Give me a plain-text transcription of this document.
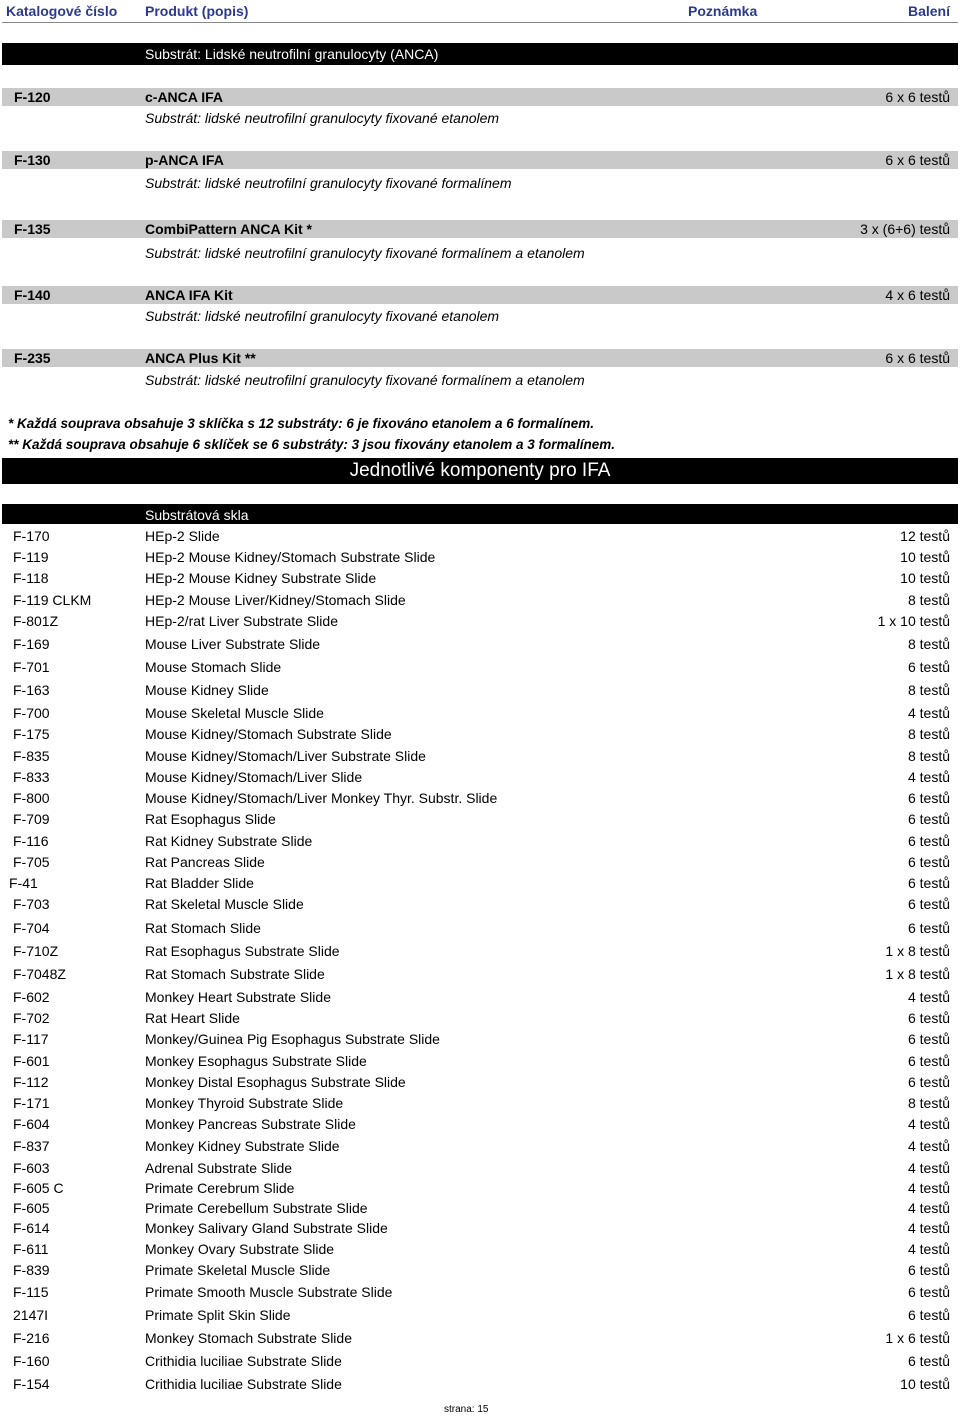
Katalogové číslo Produkt (popis)	Poznámka	Balení
Substrát: Lidské neutrofilní granulocyty (ANCA)
F-120	c-ANCA IFA	6 x 6 testů
Substrát: lidské neutrofilní granulocyty fixované etanolem
F-130	p-ANCA IFA	6 x 6 testů
Substrát: lidské neutrofilní granulocyty fixované formalínem
F-135	CombiPattern ANCA Kit *	3 x (6+6) testů
Substrát: lidské neutrofilní granulocyty fixované formalínem a etanolem
F-140	ANCA IFA Kit	4 x 6 testů
Substrát: lidské neutrofilní granulocyty fixované etanolem
F-235	ANCA Plus Kit **	6 x 6 testů
Substrát: lidské neutrofilní granulocyty fixované formalínem a etanolem
* Každá souprava obsahuje 3 sklíčka s 12 substráty: 6 je fixováno etanolem a 6 formalínem.
** Každá souprava obsahuje 6 sklíček se 6 substráty: 3 jsou fixovány etanolem a 3 formalínem.
Jednotlivé komponenty pro IFA
Substrátová skla
F-170	HEp-2 Slide	12 testů
F-119	HEp-2 Mouse Kidney/Stomach Substrate Slide	10 testů
F-118	HEp-2 Mouse Kidney Substrate Slide	10 testů
F-119 CLKM	HEp-2 Mouse Liver/Kidney/Stomach Slide	8 testů
F-801Z	HEp-2/rat Liver Substrate Slide	1 x 10 testů
F-169	Mouse Liver Substrate Slide	8 testů
F-701	Mouse Stomach Slide	6 testů
F-163	Mouse Kidney Slide	8 testů
F-700	Mouse Skeletal Muscle Slide	4 testů
F-175	Mouse Kidney/Stomach Substrate Slide	8 testů
F-835	Mouse Kidney/Stomach/Liver Substrate Slide	8 testů
F-833	Mouse Kidney/Stomach/Liver Slide	4 testů
F-800	Mouse Kidney/Stomach/Liver Monkey Thyr. Substr. Slide	6 testů
F-709	Rat Esophagus Slide	6 testů
F-116	Rat Kidney Substrate Slide	6 testů
F-705	Rat Pancreas Slide	6 testů
F-41	Rat Bladder Slide	6 testů
F-703	Rat Skeletal Muscle Slide	6 testů
F-704	Rat Stomach Slide	6 testů
F-710Z	Rat Esophagus Substrate Slide	1 x 8 testů
F-7048Z	Rat Stomach Substrate Slide	1 x 8 testů
F-602	Monkey Heart Substrate Slide	4 testů
F-702	Rat Heart Slide	6 testů
F-117	Monkey/Guinea Pig Esophagus Substrate Slide	6 testů
F-601	Monkey Esophagus Substrate Slide	6 testů
F-112	Monkey Distal Esophagus Substrate Slide	6 testů
F-171	Monkey Thyroid Substrate Slide	8 testů
F-604	Monkey Pancreas Substrate Slide	4 testů
F-837	Monkey Kidney Substrate Slide	4 testů
F-603	Adrenal Substrate Slide	4 testů
F-605 C	Primate Cerebrum Slide	4 testů
F-605	Primate Cerebellum Substrate Slide	4 testů
F-614	Monkey Salivary Gland Substrate Slide	4 testů
F-611	Monkey Ovary Substrate Slide	4 testů
F-839	Primate Skeletal Muscle Slide	6 testů
F-115	Primate Smooth Muscle Substrate Slide	6 testů
2147I	Primate Split Skin Slide	6 testů
F-216	Monkey Stomach Substrate Slide	1 x 6 testů
F-160	Crithidia luciliae Substrate Slide	6 testů
F-154	Crithidia luciliae Substrate Slide	10 testů
strana: 15
